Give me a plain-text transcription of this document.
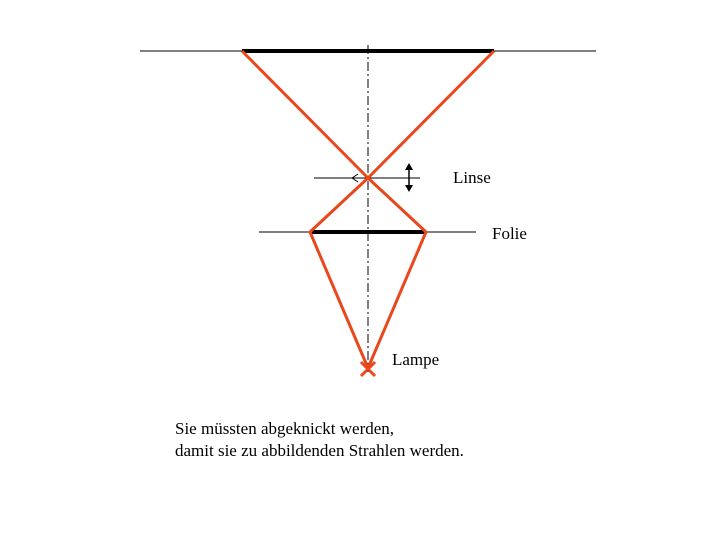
Linse
Folie
Lampe
Sie müssten abgeknickt werden,
damit sie zu abbildenden Strahlen werden.
